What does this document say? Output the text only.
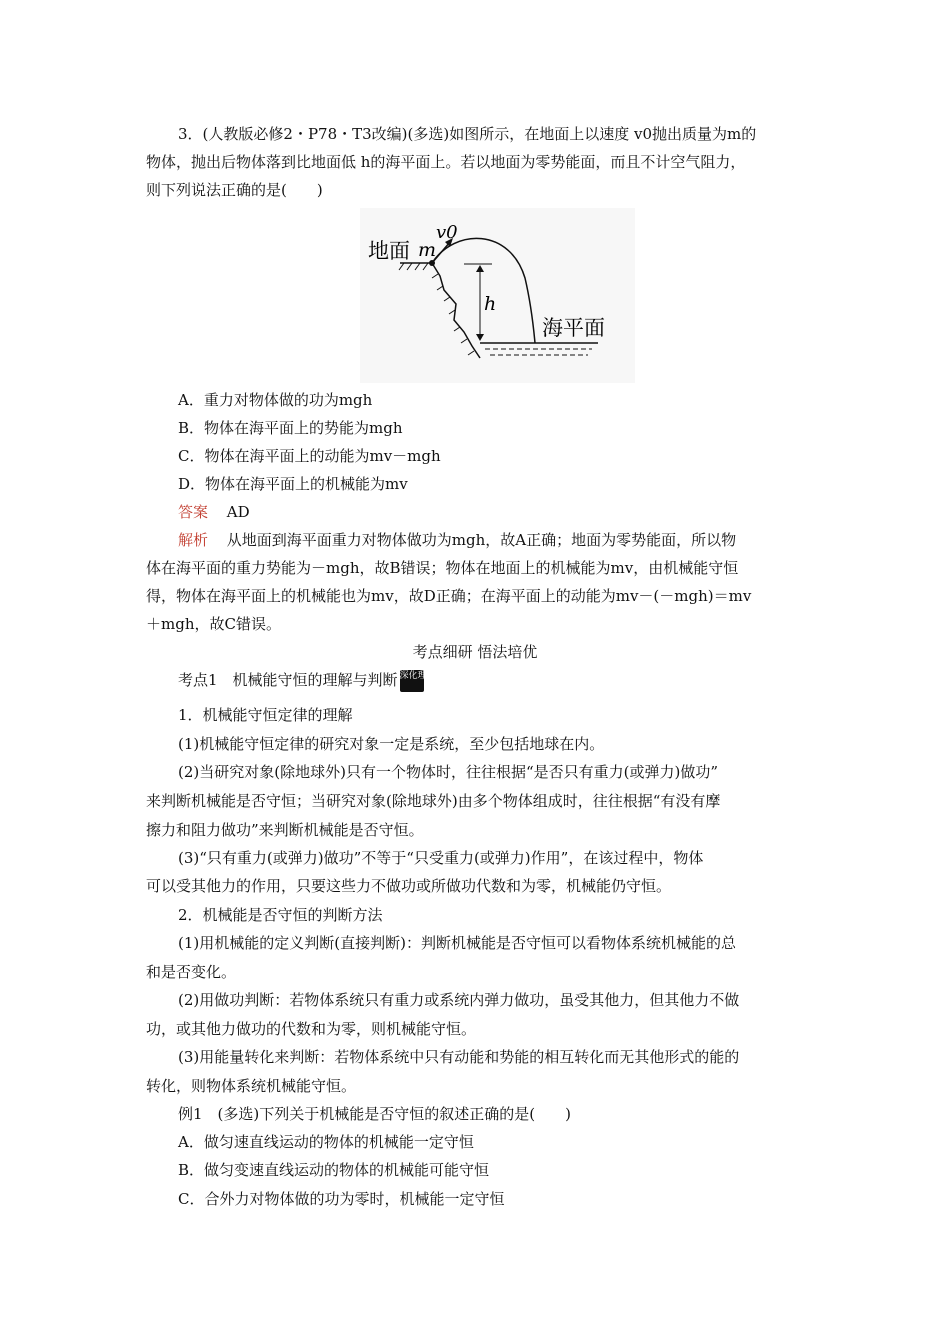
3．(人教版必修2・P78・T3改编)(多选)如图所示，在地面上以速度 v0抛出质量为m的
物体，抛出后物体落到比地面低 h的海平面上。若以地面为零势能面，而且不计空气阻力，
则下列说法正确的是(　　)
地面 m
v0
h
海平面
A．重力对物体做的功为mgh
B．物体在海平面上的势能为mgh
C．物体在海平面上的动能为mv－mgh
D．物体在海平面上的机械能为mv
答案 AD
解析 从地面到海平面重力对物体做功为mgh，故A正确；地面为零势能面，所以物
体在海平面的重力势能为－mgh，故B错误；物体在地面上的机械能为mv，由机械能守恒
得，物体在海平面上的机械能也为mv，故D正确；在海平面上的动能为mv－(－mgh)＝mv
＋mgh，故C错误。
考点细研 悟法培优
考点1　机械能守恒的理解与判断 深化理解
1．机械能守恒定律的理解
(1)机械能守恒定律的研究对象一定是系统，至少包括地球在内。
(2)当研究对象(除地球外)只有一个物体时，往往根据“是否只有重力(或弹力)做功”
来判断机械能是否守恒；当研究对象(除地球外)由多个物体组成时，往往根据“有没有摩
擦力和阻力做功”来判断机械能是否守恒。
(3)“只有重力(或弹力)做功”不等于“只受重力(或弹力)作用”，在该过程中，物体
可以受其他力的作用，只要这些力不做功或所做功代数和为零，机械能仍守恒。
2．机械能是否守恒的判断方法
(1)用机械能的定义判断(直接判断)：判断机械能是否守恒可以看物体系统机械能的总
和是否变化。
(2)用做功判断：若物体系统只有重力或系统内弹力做功，虽受其他力，但其他力不做
功，或其他力做功的代数和为零，则机械能守恒。
(3)用能量转化来判断：若物体系统中只有动能和势能的相互转化而无其他形式的能的
转化，则物体系统机械能守恒。
例1　(多选)下列关于机械能是否守恒的叙述正确的是(　　)
A．做匀速直线运动的物体的机械能一定守恒
B．做匀变速直线运动的物体的机械能可能守恒
C．合外力对物体做的功为零时，机械能一定守恒
